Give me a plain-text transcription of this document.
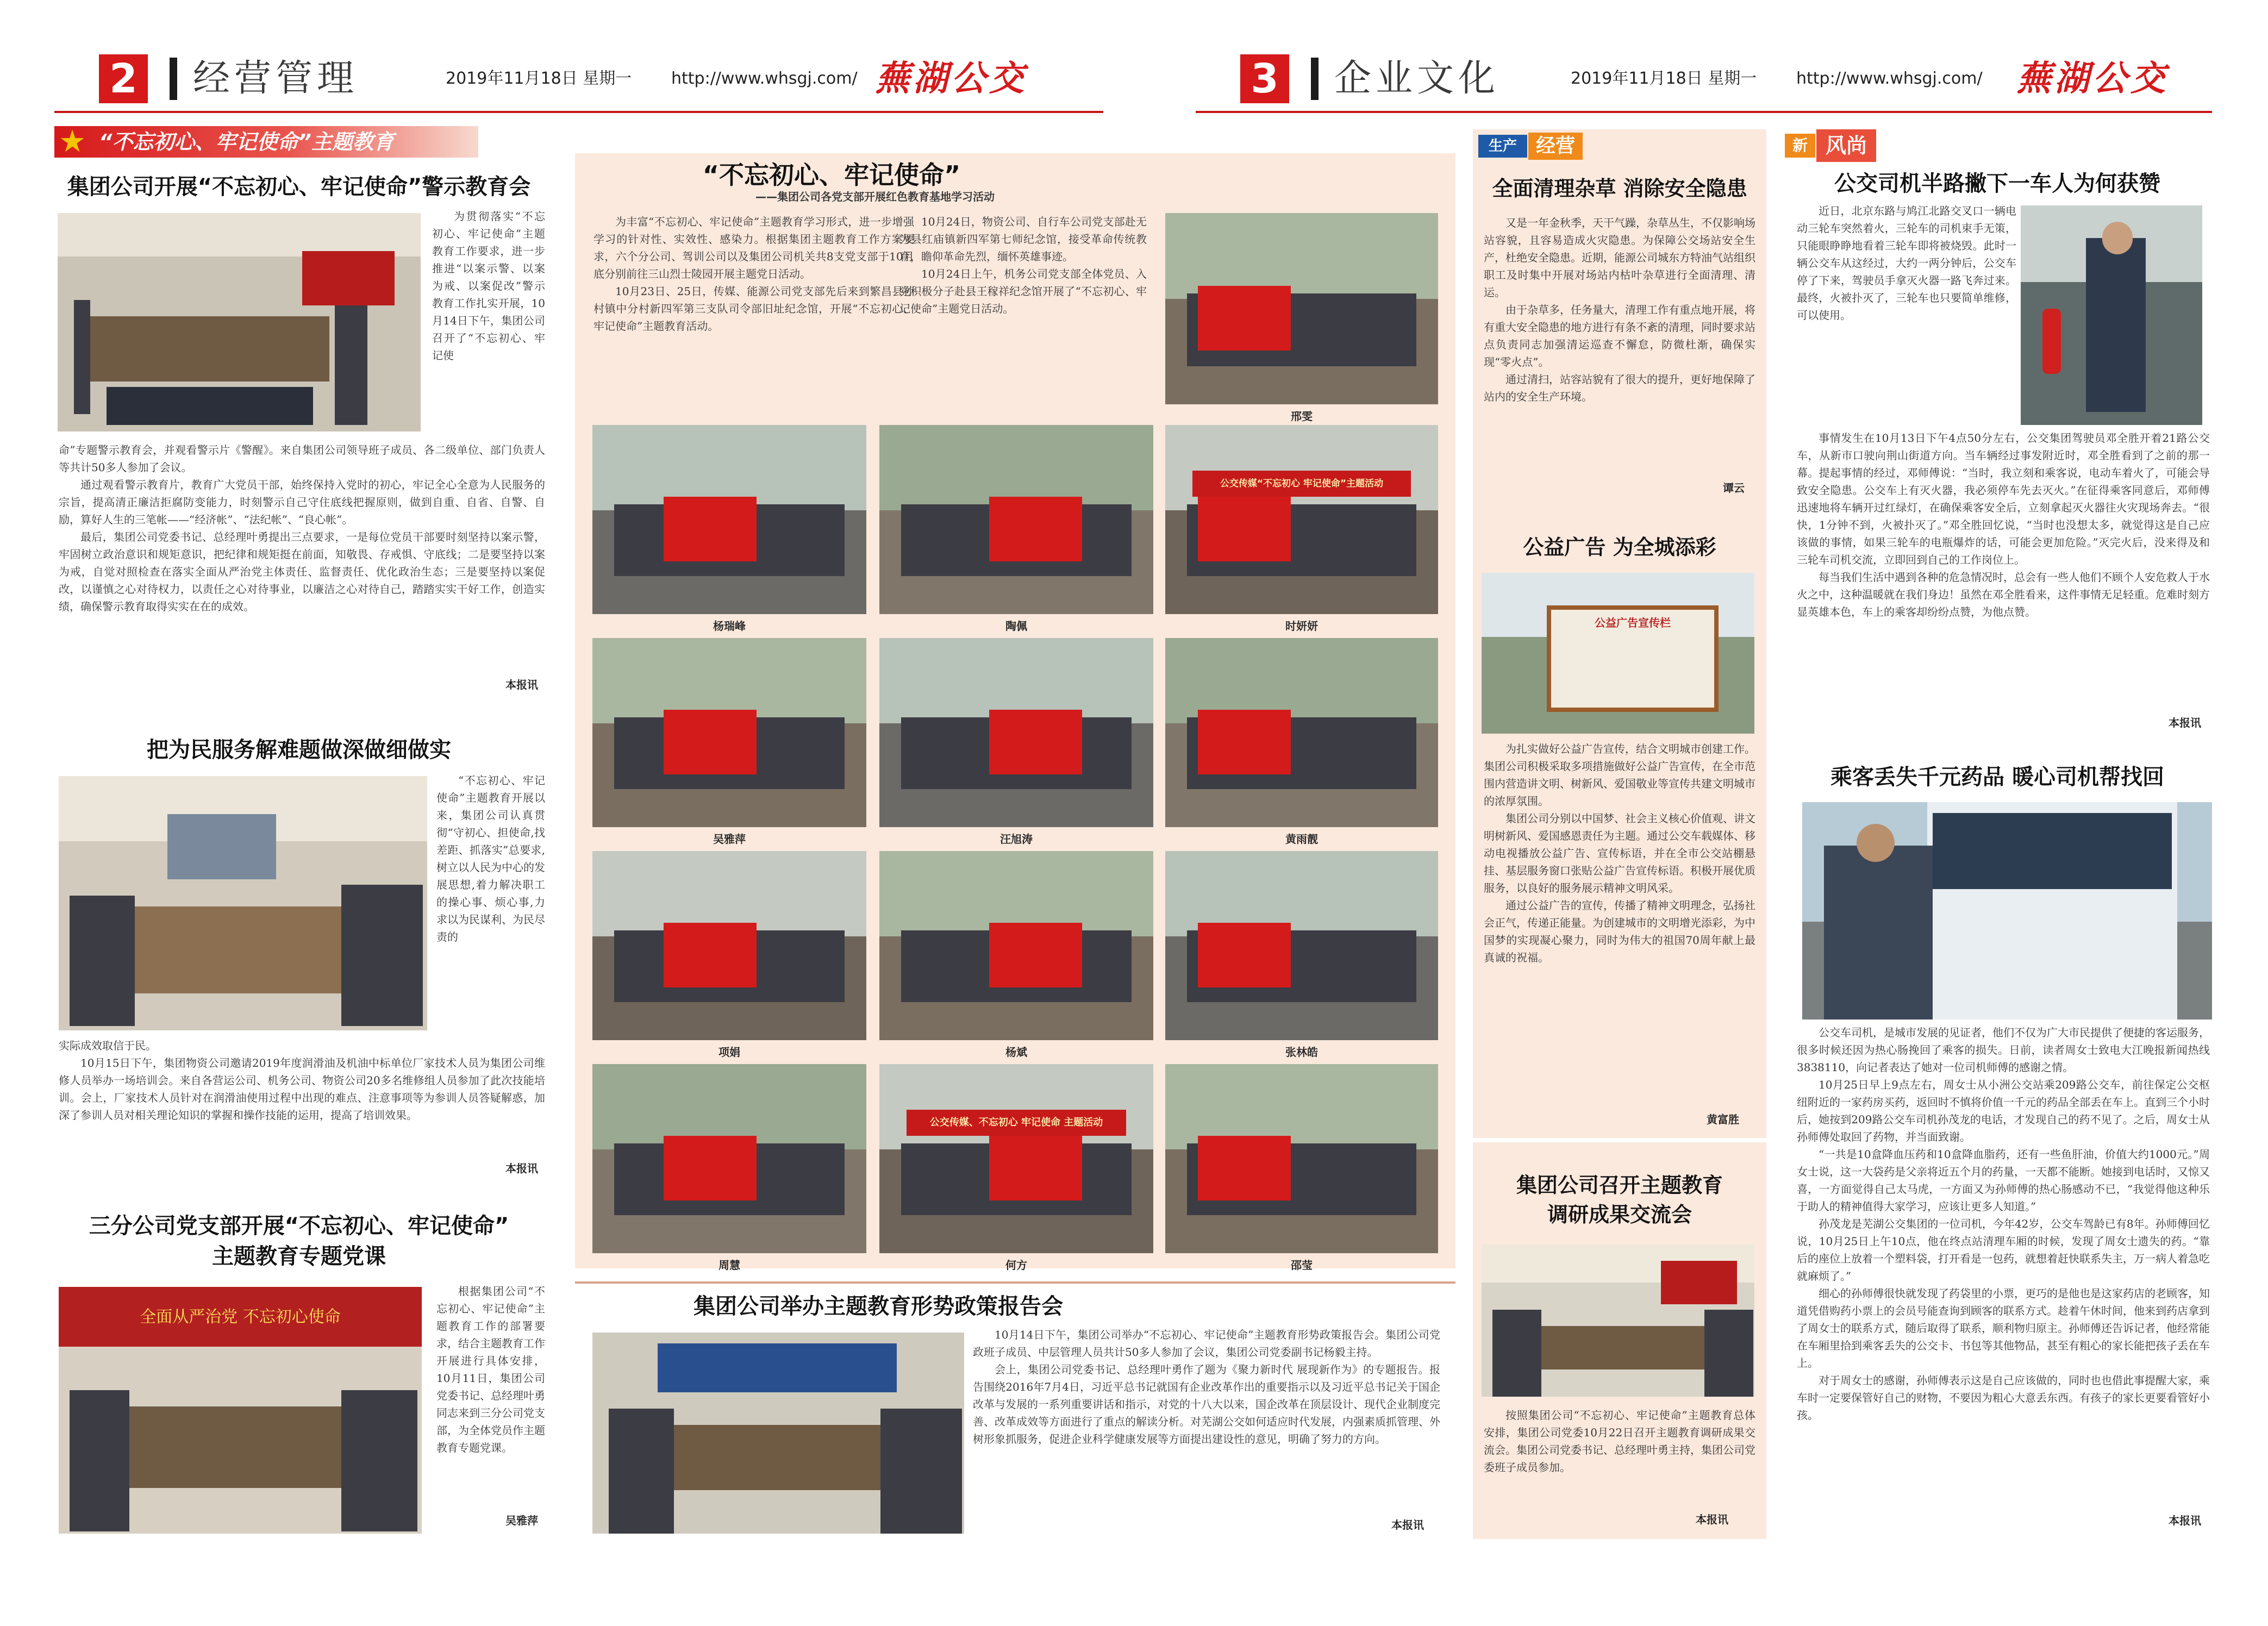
2 经营管理	2019年11月18日 星期一 http://www.whsgj.com/ 蕪湖公交	3 企业文化	2019年11月18日 星期一 http://www.whsgj.com/ 蕪湖公交
★ “不忘初心、牢记使命”主题教育
集团公司开展“不忘初心、牢记使命”警示教育会

为贯彻落实“不忘初心、牢记使命”主题教育工作要求，进一步推进“以案示警、以案为戒、以案促改”警示教育工作扎实开展，10月14日下午，集团公司召开了“不忘初心、牢记使

命”专题警示教育会，并观看警示片《警醒》。来自集团公司领导班子成员、各二级单位、部门负责人等共计50多人参加了会议。

通过观看警示教育片，教育广大党员干部，始终保持入党时的初心，牢记全心全意为人民服务的宗旨，提高清正廉洁拒腐防变能力，时刻警示自己守住底线把握原则，做到自重、自省、自警、自励，算好人生的三笔帐——“经济帐”、“法纪帐”、“良心帐”。

最后，集团公司党委书记、总经理叶勇提出三点要求，一是每位党员干部要时刻坚持以案示警，牢固树立政治意识和规矩意识，把纪律和规矩挺在前面，知敬畏、存戒惧、守底线；二是要坚持以案为戒，自觉对照检查在落实全面从严治党主体责任、监督责任、优化政治生态；三是要坚持以案促改，以谨慎之心对待权力，以责任之心对待事业，以廉洁之心对待自己，踏踏实实干好工作，创造实绩，确保警示教育取得实实在在的成效。

本报讯
把为民服务解难题做深做细做实

“不忘初心、牢记使命”主题教育开展以来，集团公司认真贯彻“守初心、担使命,找差距、抓落实”总要求,树立以人民为中心的发展思想,着力解决职工的操心事、烦心事,力求以为民谋利、为民尽责的

实际成效取信于民。

10月15日下午，集团物资公司邀请2019年度润滑油及机油中标单位厂家技术人员为集团公司维修人员举办一场培训会。来自各营运公司、机务公司、物资公司20多名维修组人员参加了此次技能培训。会上，厂家技术人员针对在润滑油使用过程中出现的难点、注意事项等为参训人员答疑解惑，加深了参训人员对相关理论知识的掌握和操作技能的运用，提高了培训效果。

本报讯
三分公司党支部开展“不忘初心、牢记使命”
主题教育专题党课
全面从严治党 不忘初心使命

根据集团公司“不忘初心、牢记使命”主题教育工作的部署要求，结合主题教育工作开展进行具体安排，10月11日，集团公司党委书记、总经理叶勇同志来到三分公司党支部，为全体党员作主题教育专题党课。

吴雅萍
“不忘初心、牢记使命”
——集团公司各党支部开展红色教育基地学习活动

为丰富“不忘初心、牢记使命”主题教育学习形式，进一步增强学习的针对性、实效性、感染力。根据集团主题教育工作方案要求，六个分公司、驾训公司以及集团公司机关共8支党支部于10月底分别前往三山烈士陵园开展主题党日活动。

10月23日、25日，传媒、能源公司党支部先后来到繁昌县孙村镇中分村新四军第三支队司令部旧址纪念馆，开展“不忘初心、牢记使命”主题教育活动。

10月24日，物资公司、自行车公司党支部赴无为县红庙镇新四军第七师纪念馆，接受革命传统教育，瞻仰革命先烈，缅怀英雄事迹。

10月24日上午，机务公司党支部全体党员、入党积极分子赴县王稼祥纪念馆开展了“不忘初心、牢记使命”主题党日活动。

邢雯
杨瑞峰	陶佩
公交传媒“不忘初心 牢记使命”主题活动
时妍妍
吴雅萍	汪旭涛	黄雨靓
项娟	杨斌	张林皓
周慧
公交传媒、不忘初心 牢记使命 主题活动
何方	邵莹
集团公司举办主题教育形势政策报告会

10月14日下午，集团公司举办“不忘初心、牢记使命”主题教育形势政策报告会。集团公司党政班子成员、中层管理人员共计50多人参加了会议，集团公司党委副书记杨毅主持。

会上，集团公司党委书记、总经理叶勇作了题为《聚力新时代 展现新作为》的专题报告。报告围绕2016年7月4日，习近平总书记就国有企业改革作出的重要指示以及习近平总书记关于国企改革与发展的一系列重要讲话和指示，对党的十八大以来，国企改革在顶层设计、现代企业制度完善、改革成效等方面进行了重点的解读分析。对芜湖公交如何适应时代发展，内强素质抓管理、外树形象抓服务，促进企业科学健康发展等方面提出建设性的意见，明确了努力的方向。

本报讯
生产 经营
全面清理杂草 消除安全隐患

又是一年金秋季，天干气躁，杂草丛生，不仅影响场站容貌，且容易造成火灾隐患。为保障公交场站安全生产，杜绝安全隐患。近期，能源公司城东方特油气站组织职工及时集中开展对场站内枯叶杂草进行全面清理、清运。

由于杂草多，任务量大，清理工作有重点地开展，将有重大安全隐患的地方进行有条不紊的清理，同时要求站点负责同志加强清运巡查不懈怠，防微杜渐，确保实现“零火点”。

通过清扫，站容站貌有了很大的提升，更好地保障了站内的安全生产环境。

谭云
公益广告 为全城添彩
公益广告宣传栏

为扎实做好公益广告宣传，结合文明城市创建工作。集团公司积极采取多项措施做好公益广告宣传，在全市范围内营造讲文明、树新风、爱国敬业等宣传共建文明城市的浓厚氛围。

集团公司分别以中国梦、社会主义核心价值观、讲文明树新风、爱国感恩责任为主题。通过公交车载媒体、移动电视播放公益广告、宣传标语，并在全市公交站棚悬挂、基层服务窗口张贴公益广告宣传标语。积极开展优质服务，以良好的服务展示精神文明风采。

通过公益广告的宣传，传播了精神文明理念，弘扬社会正气，传递正能量。为创建城市的文明增光添彩，为中国梦的实现凝心聚力，同时为伟大的祖国70周年献上最真诚的祝福。

黄富胜
集团公司召开主题教育
调研成果交流会

按照集团公司“不忘初心、牢记使命”主题教育总体安排，集团公司党委10月22日召开主题教育调研成果交流会。集团公司党委书记、总经理叶勇主持，集团公司党委班子成员参加。

本报讯
新 风尚
公交司机半路撇下一车人为何获赞

近日，北京东路与鸠江北路交叉口一辆电动三轮车突然着火，三轮车的司机束手无策，只能眼睁睁地看着三轮车即将被烧毁。此时一辆公交车从这经过，大约一两分钟后，公交车停了下来，驾驶员手拿灭火器一路飞奔过来。最终，火被扑灭了，三轮车也只要简单维修，可以使用。

事情发生在10月13日下午4点50分左右，公交集团驾驶员邓全胜开着21路公交车，从新市口驶向荆山街道方向。当车辆经过事发附近时，邓全胜看到了之前的那一幕。提起事情的经过，邓师傅说：“当时，我立刻和乘客说，电动车着火了，可能会导致安全隐患。公交车上有灭火器，我必须停车先去灭火。”在征得乘客同意后，邓师傅迅速地将车辆开过红绿灯，在确保乘客安全后，立刻拿起灭火器往火灾现场奔去。“很快，1分钟不到，火被扑灭了。”邓全胜回忆说，“当时也没想太多，就觉得这是自己应该做的事情，如果三轮车的电瓶爆炸的话，可能会更加危险。”灭完火后，没来得及和三轮车司机交流，立即回到自己的工作岗位上。

每当我们生活中遇到各种的危急情况时，总会有一些人他们不顾个人安危救人于水火之中，这种温暖就在我们身边！虽然在邓全胜看来，这件事情无足轻重。危难时刻方显英雄本色，车上的乘客却纷纷点赞，为他点赞。

本报讯
乘客丢失千元药品 暖心司机帮找回

公交车司机，是城市发展的见证者，他们不仅为广大市民提供了便捷的客运服务，很多时候还因为热心肠挽回了乘客的损失。日前，读者周女士致电大江晚报新闻热线3838110，向记者表达了她对一位司机师傅的感谢之情。

10月25日早上9点左右，周女士从小洲公交站乘209路公交车，前往保定公交枢纽附近的一家药房买药，返回时不慎将价值一千元的药品全部丢在车上。直到三个小时后，她按到209路公交车司机孙茂龙的电话，才发现自己的药不见了。之后，周女士从孙师傅处取回了药物，并当面致谢。

“一共是10盒降血压药和10盒降血脂药，还有一些鱼肝油，价值大约1000元。”周女士说，这一大袋药是父亲将近五个月的药量，一天都不能断。她接到电话时，又惊又喜，一方面觉得自己太马虎，一方面又为孙师傅的热心肠感动不已，“我觉得他这种乐于助人的精神值得大家学习，应该让更多人知道。”

孙茂龙是芜湖公交集团的一位司机，今年42岁，公交车驾龄已有8年。孙师傅回忆说，10月25日上午10点，他在终点站清理车厢的时候，发现了周女士遗失的药。“靠后的座位上放着一个塑料袋，打开看是一包药，就想着赶快联系失主，万一病人着急吃就麻烦了。”

细心的孙师傅很快就发现了药袋里的小票，更巧的是他也是这家药店的老顾客，知道凭借购药小票上的会员号能查询到顾客的联系方式。趁着午休时间，他来到药店拿到了周女士的联系方式，随后取得了联系，顺利物归原主。孙师傅还告诉记者，他经常能在车厢里拾到乘客丢失的公交卡、书包等其他物品，甚至有粗心的家长能把孩子丢在车上。

对于周女士的感谢，孙师傅表示这是自己应该做的，同时也也借此事提醒大家，乘车时一定要保管好自己的财物，不要因为粗心大意丢东西。有孩子的家长更要看管好小孩。

本报讯
